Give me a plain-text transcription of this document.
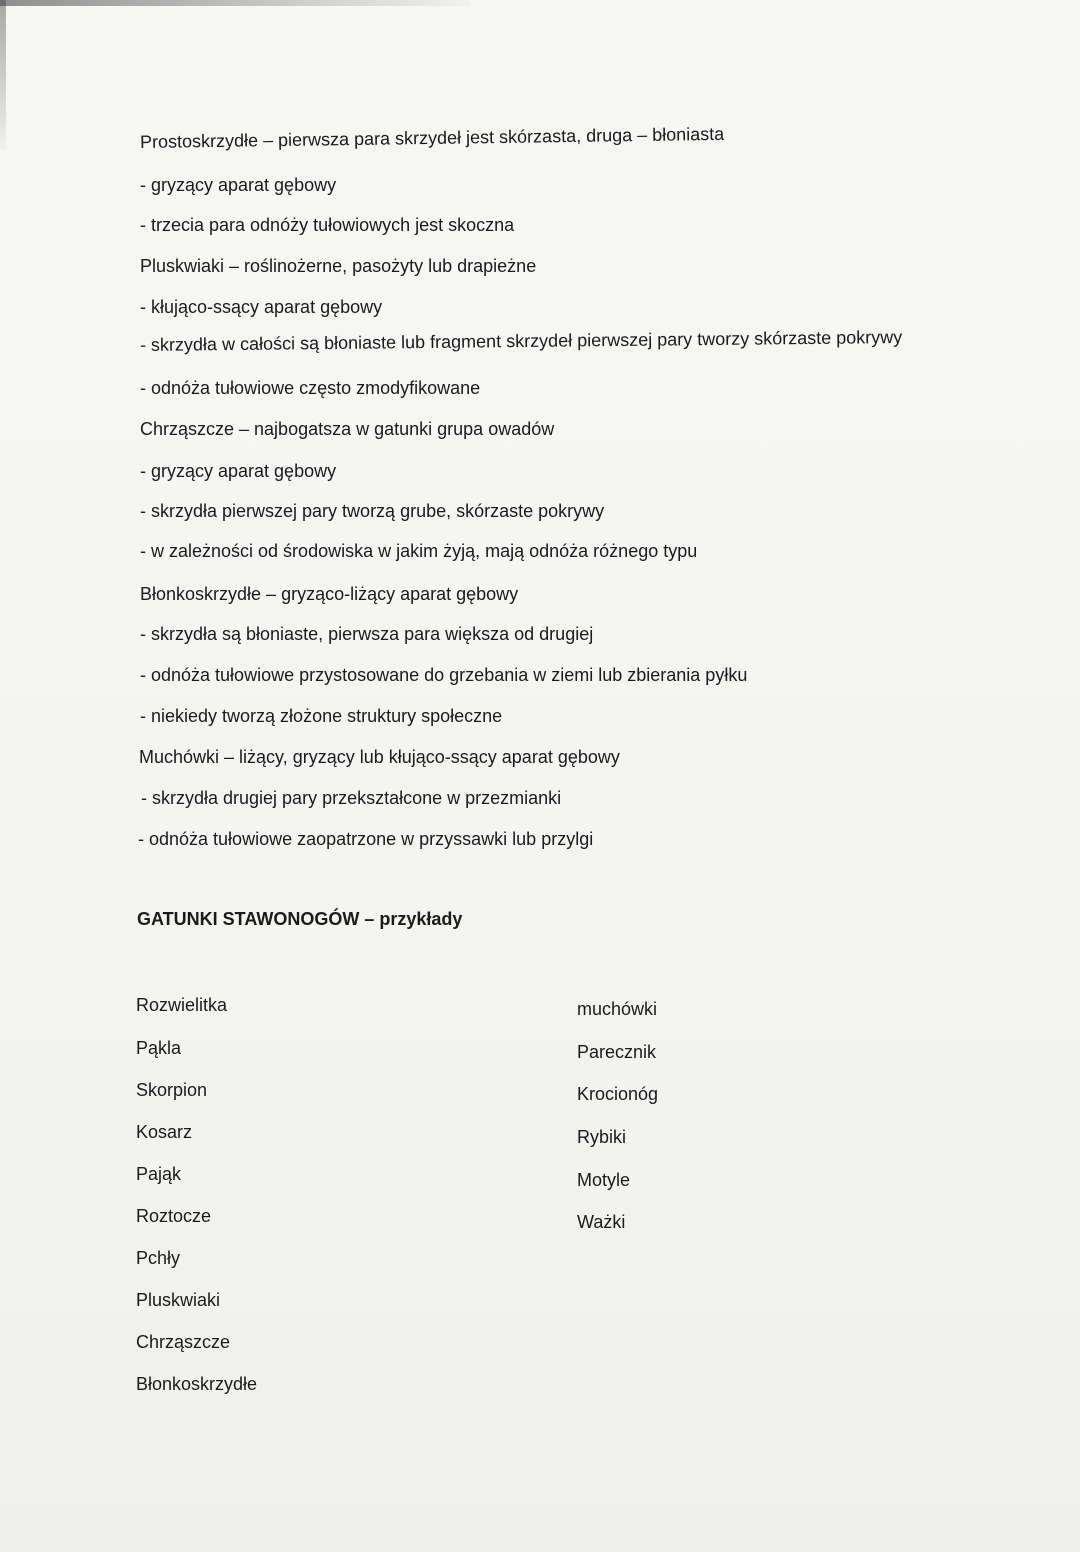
Prostoskrzydłe – pierwsza para skrzydeł jest skórzasta, druga – błoniasta

- gryzący aparat gębowy

- trzecia para odnóży tułowiowych jest skoczna

Pluskwiaki – roślinożerne, pasożyty lub drapieżne

- kłująco-ssący aparat gębowy

- skrzydła w całości są błoniaste lub fragment skrzydeł pierwszej pary tworzy skórzaste pokrywy

- odnóża tułowiowe często zmodyfikowane

Chrząszcze – najbogatsza w gatunki grupa owadów

- gryzący aparat gębowy

- skrzydła pierwszej pary tworzą grube, skórzaste pokrywy

- w zależności od środowiska w jakim żyją, mają odnóża różnego typu

Błonkoskrzydłe – gryząco-liżący aparat gębowy

- skrzydła są błoniaste, pierwsza para większa od drugiej

- odnóża tułowiowe przystosowane do grzebania w ziemi lub zbierania pyłku

- niekiedy tworzą złożone struktury społeczne

Muchówki – liżący, gryzący lub kłująco-ssący aparat gębowy

- skrzydła drugiej pary przekształcone w przezmianki

- odnóża tułowiowe zaopatrzone w przyssawki lub przylgi

GATUNKI STAWONOGÓW – przykłady

Rozwielitka
Pąkla
Skorpion
Kosarz
Pająk
Roztocze
Pchły
Pluskwiaki
Chrząszcze
Błonkoskrzydłe
muchówki
Parecznik
Krocionóg
Rybiki
Motyle
Ważki
